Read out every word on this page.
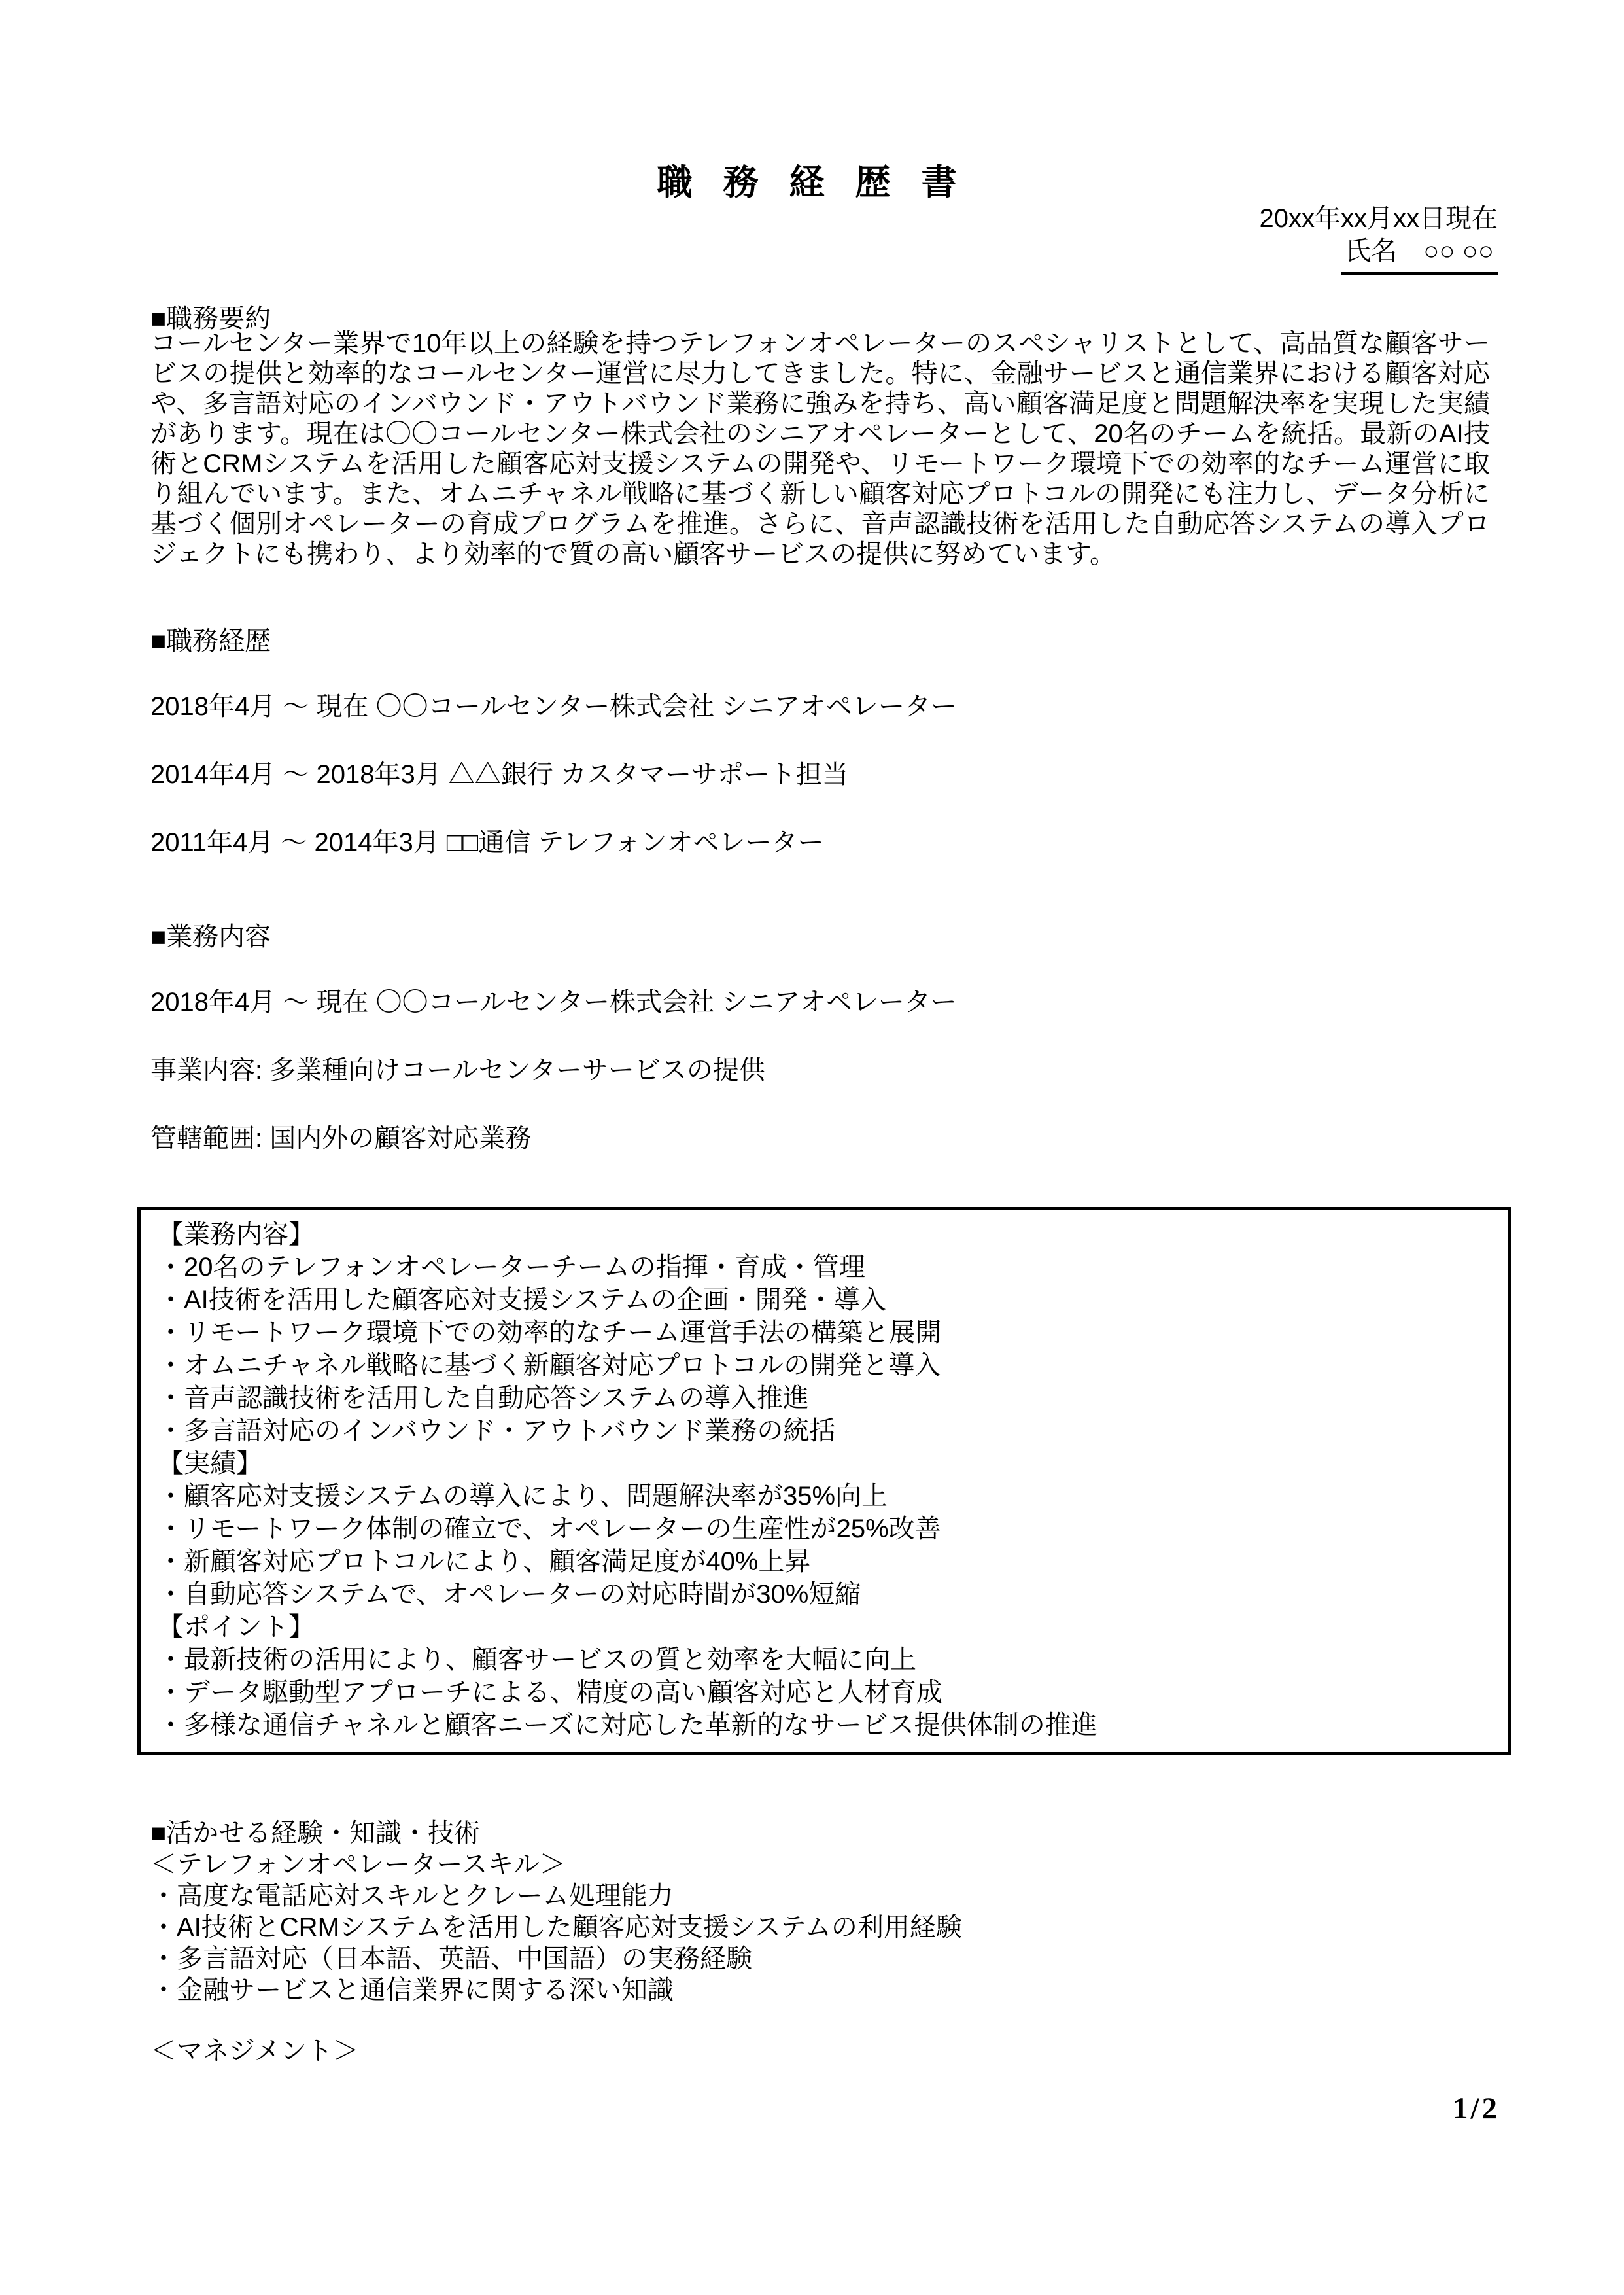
職 務 経 歴 書
20xx年xx月xx日現在
氏名　○○ ○○
■職務要約
コールセンター業界で10年以上の経験を持つテレフォンオペレーターのスペシャリストとして、高品質な顧客サービスの提供と効率的なコールセンター運営に尽力してきました。特に、金融サービスと通信業界における顧客対応や、多言語対応のインバウンド・アウトバウンド業務に強みを持ち、高い顧客満足度と問題解決率を実現した実績があります。現在は〇〇コールセンター株式会社のシニアオペレーターとして、20名のチームを統括。最新のAI技術とCRMシステムを活用した顧客応対支援システムの開発や、リモートワーク環境下での効率的なチーム運営に取り組んでいます。また、オムニチャネル戦略に基づく新しい顧客対応プロトコルの開発にも注力し、データ分析に基づく個別オペレーターの育成プログラムを推進。さらに、音声認識技術を活用した自動応答システムの導入プロジェクトにも携わり、より効率的で質の高い顧客サービスの提供に努めています。
■職務経歴
2018年4月 ～ 現在 〇〇コールセンター株式会社 シニアオペレーター
2014年4月 ～ 2018年3月 △△銀行 カスタマーサポート担当
2011年4月 ～ 2014年3月 □□通信 テレフォンオペレーター
■業務内容
2018年4月 ～ 現在 〇〇コールセンター株式会社 シニアオペレーター
事業内容: 多業種向けコールセンターサービスの提供
管轄範囲: 国内外の顧客対応業務
【業務内容】
・20名のテレフォンオペレーターチームの指揮・育成・管理
・AI技術を活用した顧客応対支援システムの企画・開発・導入
・リモートワーク環境下での効率的なチーム運営手法の構築と展開
・オムニチャネル戦略に基づく新顧客対応プロトコルの開発と導入
・音声認識技術を活用した自動応答システムの導入推進
・多言語対応のインバウンド・アウトバウンド業務の統括
【実績】
・顧客応対支援システムの導入により、問題解決率が35%向上
・リモートワーク体制の確立で、オペレーターの生産性が25%改善
・新顧客対応プロトコルにより、顧客満足度が40%上昇
・自動応答システムで、オペレーターの対応時間が30%短縮
【ポイント】
・最新技術の活用により、顧客サービスの質と効率を大幅に向上
・データ駆動型アプローチによる、精度の高い顧客対応と人材育成
・多様な通信チャネルと顧客ニーズに対応した革新的なサービス提供体制の推進
■活かせる経験・知識・技術
＜テレフォンオペレータースキル＞
・高度な電話応対スキルとクレーム処理能力
・AI技術とCRMシステムを活用した顧客応対支援システムの利用経験
・多言語対応（日本語、英語、中国語）の実務経験
・金融サービスと通信業界に関する深い知識
＜マネジメント＞
1/2
